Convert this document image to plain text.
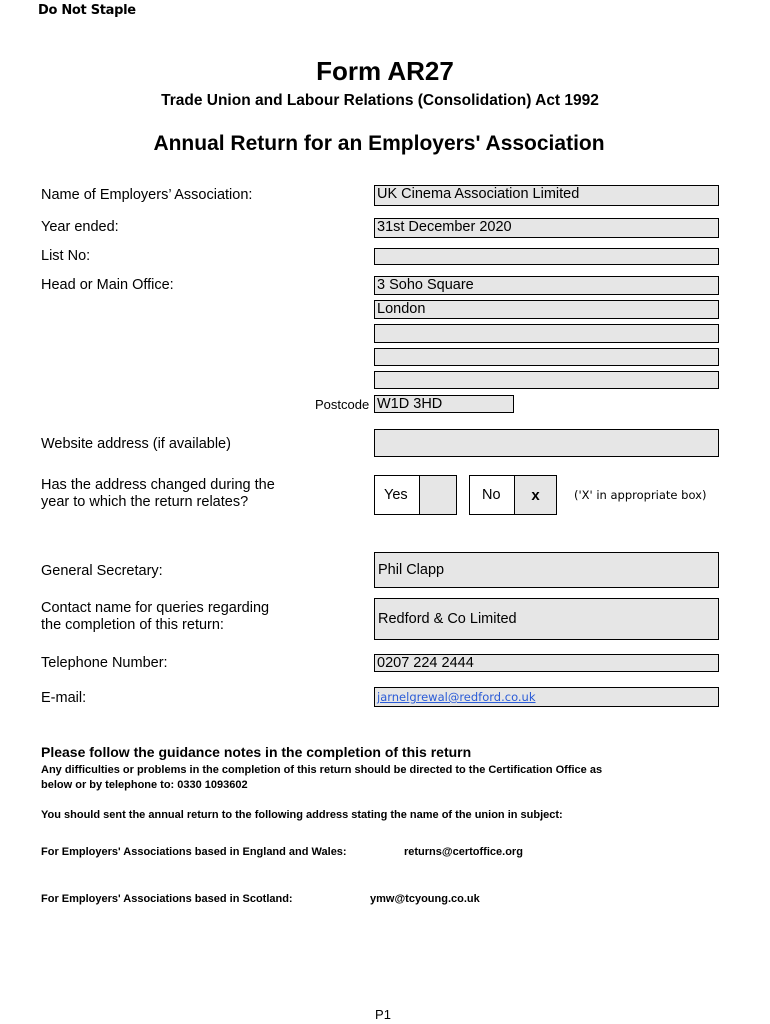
Do Not Staple
Form AR27
Trade Union and Labour Relations (Consolidation) Act 1992
Annual Return for an Employers' Association
Name of Employers’ Association:	UK Cinema Association Limited
Year ended:	31st December 2020
List No:
Head or Main Office:	3 Soho Square
London
Postcode W1D 3HD
Website address (if available)
Has the address changed during the
year to which the return relates?	Yes	No	x	('X' in appropriate box)
General Secretary:	Phil Clapp
Contact name for queries regarding
the completion of this return:	Redford & Co Limited
Telephone Number:	0207 224 2444
E-mail:	jarnelgrewal@redford.co.uk
Please follow the guidance notes in the completion of this return
Any difficulties or problems in the completion of this return should be directed to the Certification Office as
below or by telephone to: 0330 1093602
You should sent the annual return to the following address stating the name of the union in subject:
For Employers' Associations based in England and Wales:	returns@certoffice.org
For Employers' Associations based in Scotland:	ymw@tcyoung.co.uk
P1
